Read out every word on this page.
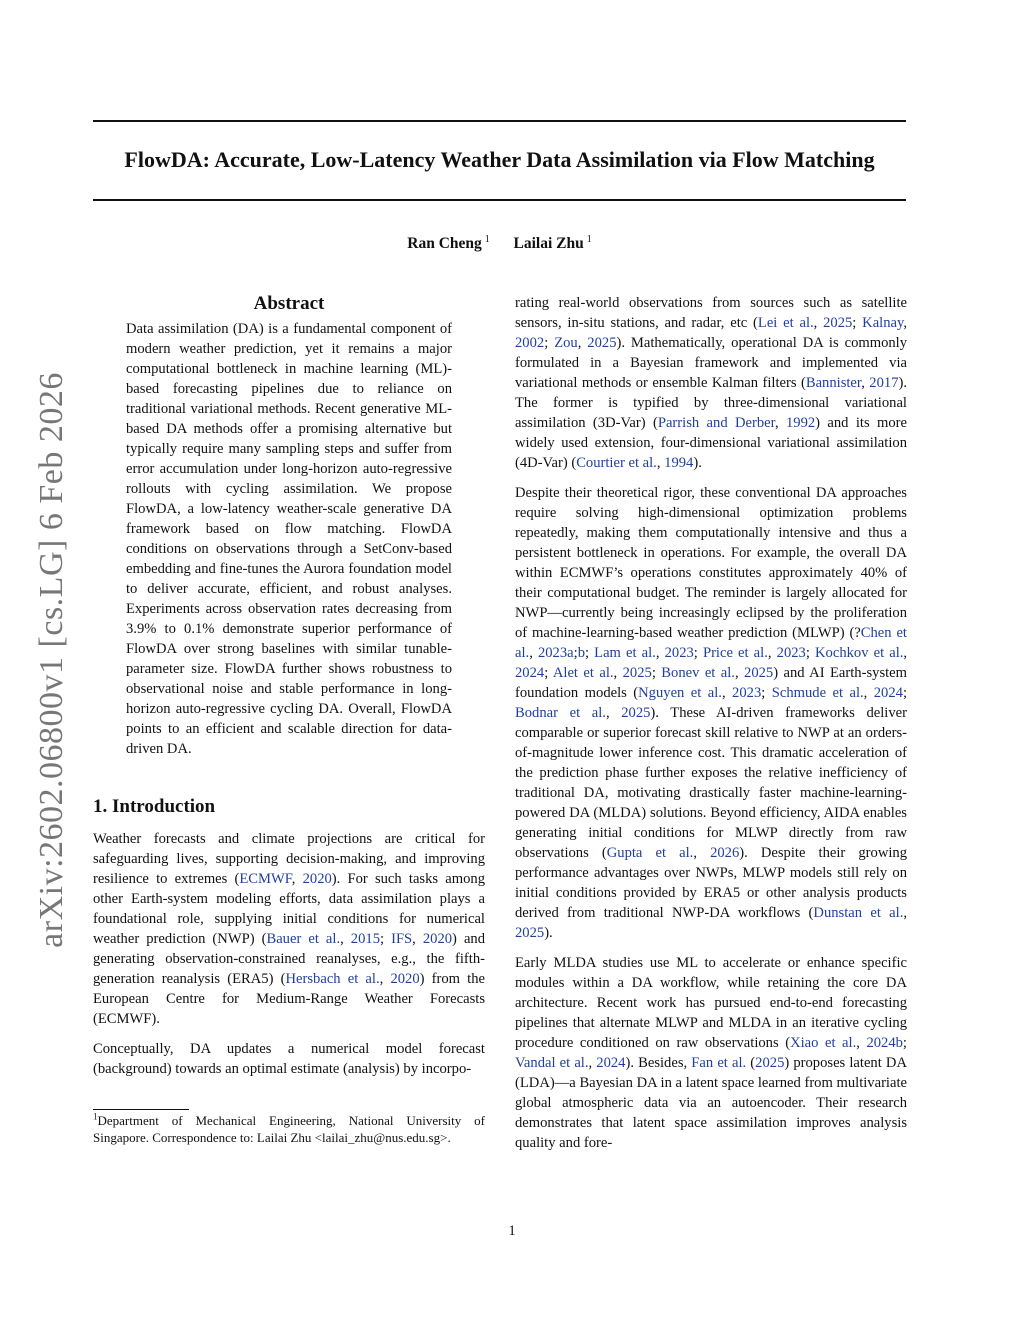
arXiv:2602.06800v1 [cs.LG] 6 Feb 2026
FlowDA: Accurate, Low-Latency Weather Data Assimilation via Flow Matching
Ran Cheng $^1$ Lailai Zhu $^1$
Abstract
Data assimilation (DA) is a fundamental component of modern weather prediction, yet it remains a major computational bottleneck in machine learning (ML)-based forecasting pipelines due to reliance on traditional variational methods. Recent generative ML-based DA methods offer a promising alternative but typically require many sampling steps and suffer from error accumulation under long-horizon auto-regressive rollouts with cycling assimilation. We propose FlowDA, a low-latency weather-scale generative DA framework based on flow matching. FlowDA conditions on observations through a SetConv-based embedding and fine-tunes the Aurora foundation model to deliver accurate, efficient, and robust analyses. Experiments across observation rates decreasing from 3.9% to 0.1% demonstrate superior performance of FlowDA over strong baselines with similar tunable-parameter size. FlowDA further shows robustness to observational noise and stable performance in long-horizon auto-regressive cycling DA. Overall, FlowDA points to an efficient and scalable direction for data-driven DA.
1. Introduction

Weather forecasts and climate projections are critical for safeguarding lives, supporting decision-making, and improving resilience to extremes (ECMWF, 2020). For such tasks among other Earth-system modeling efforts, data assimilation plays a foundational role, supplying initial conditions for numerical weather prediction (NWP) (Bauer et al., 2015; IFS, 2020) and generating observation-constrained reanalyses, e.g., the fifth-generation reanalysis (ERA5) (Hersbach et al., 2020) from the European Centre for Medium-Range Weather Forecasts (ECMWF).

Conceptually, DA updates a numerical model forecast (background) towards an optimal estimate (analysis) by incorpo-

rating real-world observations from sources such as satellite sensors, in-situ stations, and radar, etc (Lei et al., 2025; Kalnay, 2002; Zou, 2025). Mathematically, operational DA is commonly formulated in a Bayesian framework and implemented via variational methods or ensemble Kalman filters (Bannister, 2017). The former is typified by three-dimensional variational assimilation (3D-Var) (Parrish and Derber, 1992) and its more widely used extension, four-dimensional variational assimilation (4D-Var) (Courtier et al., 1994).

Despite their theoretical rigor, these conventional DA approaches require solving high-dimensional optimization problems repeatedly, making them computationally intensive and thus a persistent bottleneck in operations. For example, the overall DA within ECMWF’s operations constitutes approximately 40% of their computational budget. The reminder is largely allocated for NWP—currently being increasingly eclipsed by the proliferation of machine-learning-based weather prediction (MLWP) (?Chen et al., 2023a;b; Lam et al., 2023; Price et al., 2023; Kochkov et al., 2024; Alet et al., 2025; Bonev et al., 2025) and AI Earth-system foundation models (Nguyen et al., 2023; Schmude et al., 2024; Bodnar et al., 2025). These AI-driven frameworks deliver comparable or superior forecast skill relative to NWP at an orders-of-magnitude lower inference cost. This dramatic acceleration of the prediction phase further exposes the relative inefficiency of traditional DA, motivating drastically faster machine-learning-powered DA (MLDA) solutions. Beyond efficiency, AIDA enables generating initial conditions for MLWP directly from raw observations (Gupta et al., 2026). Despite their growing performance advantages over NWPs, MLWP models still rely on initial conditions provided by ERA5 or other analysis products derived from traditional NWP-DA workflows (Dunstan et al., 2025).

Early MLDA studies use ML to accelerate or enhance specific modules within a DA workflow, while retaining the core DA architecture. Recent work has pursued end-to-end forecasting pipelines that alternate MLWP and MLDA in an iterative cycling procedure conditioned on raw observations (Xiao et al., 2024b; Vandal et al., 2024). Besides, Fan et al. (2025) proposes latent DA (LDA)—a Bayesian DA in a latent space learned from multivariate global atmospheric data via an autoencoder. Their research demonstrates that latent space assimilation improves analysis quality and fore-

$^1$Department of Mechanical Engineering, National University of Singapore. Correspondence to: Lailai Zhu <lailai_zhu@nus.edu.sg>.
1
